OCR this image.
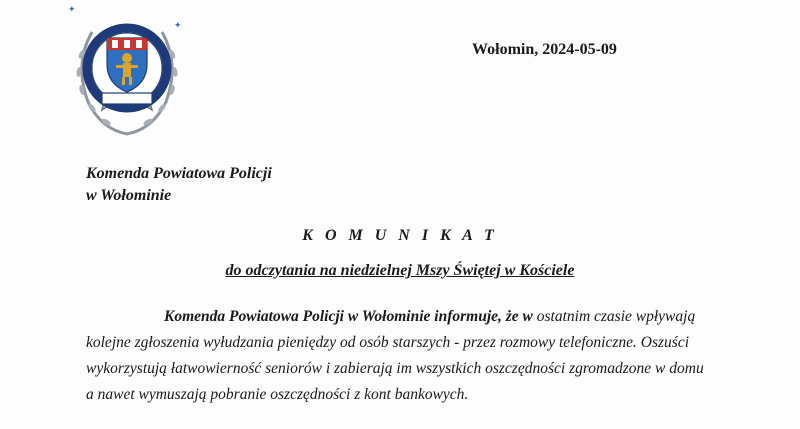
✦
✦
Wołomin, 2024-05-09
Komenda Powiatowa Policji
w Wołominie
K O M U N I K A T
do odczytania na niedzielnej Mszy Świętej w Kościele
Komenda Powiatowa Policji w Wołominie informuje, że w ostatnim czasie wpływają
kolejne zgłoszenia wyłudzania pieniędzy od osób starszych - przez rozmowy telefoniczne. Oszuści
wykorzystują łatwowierność seniorów i zabierają im wszystkich oszczędności zgromadzone w domu
a nawet wymuszają pobranie oszczędności z kont bankowych.
